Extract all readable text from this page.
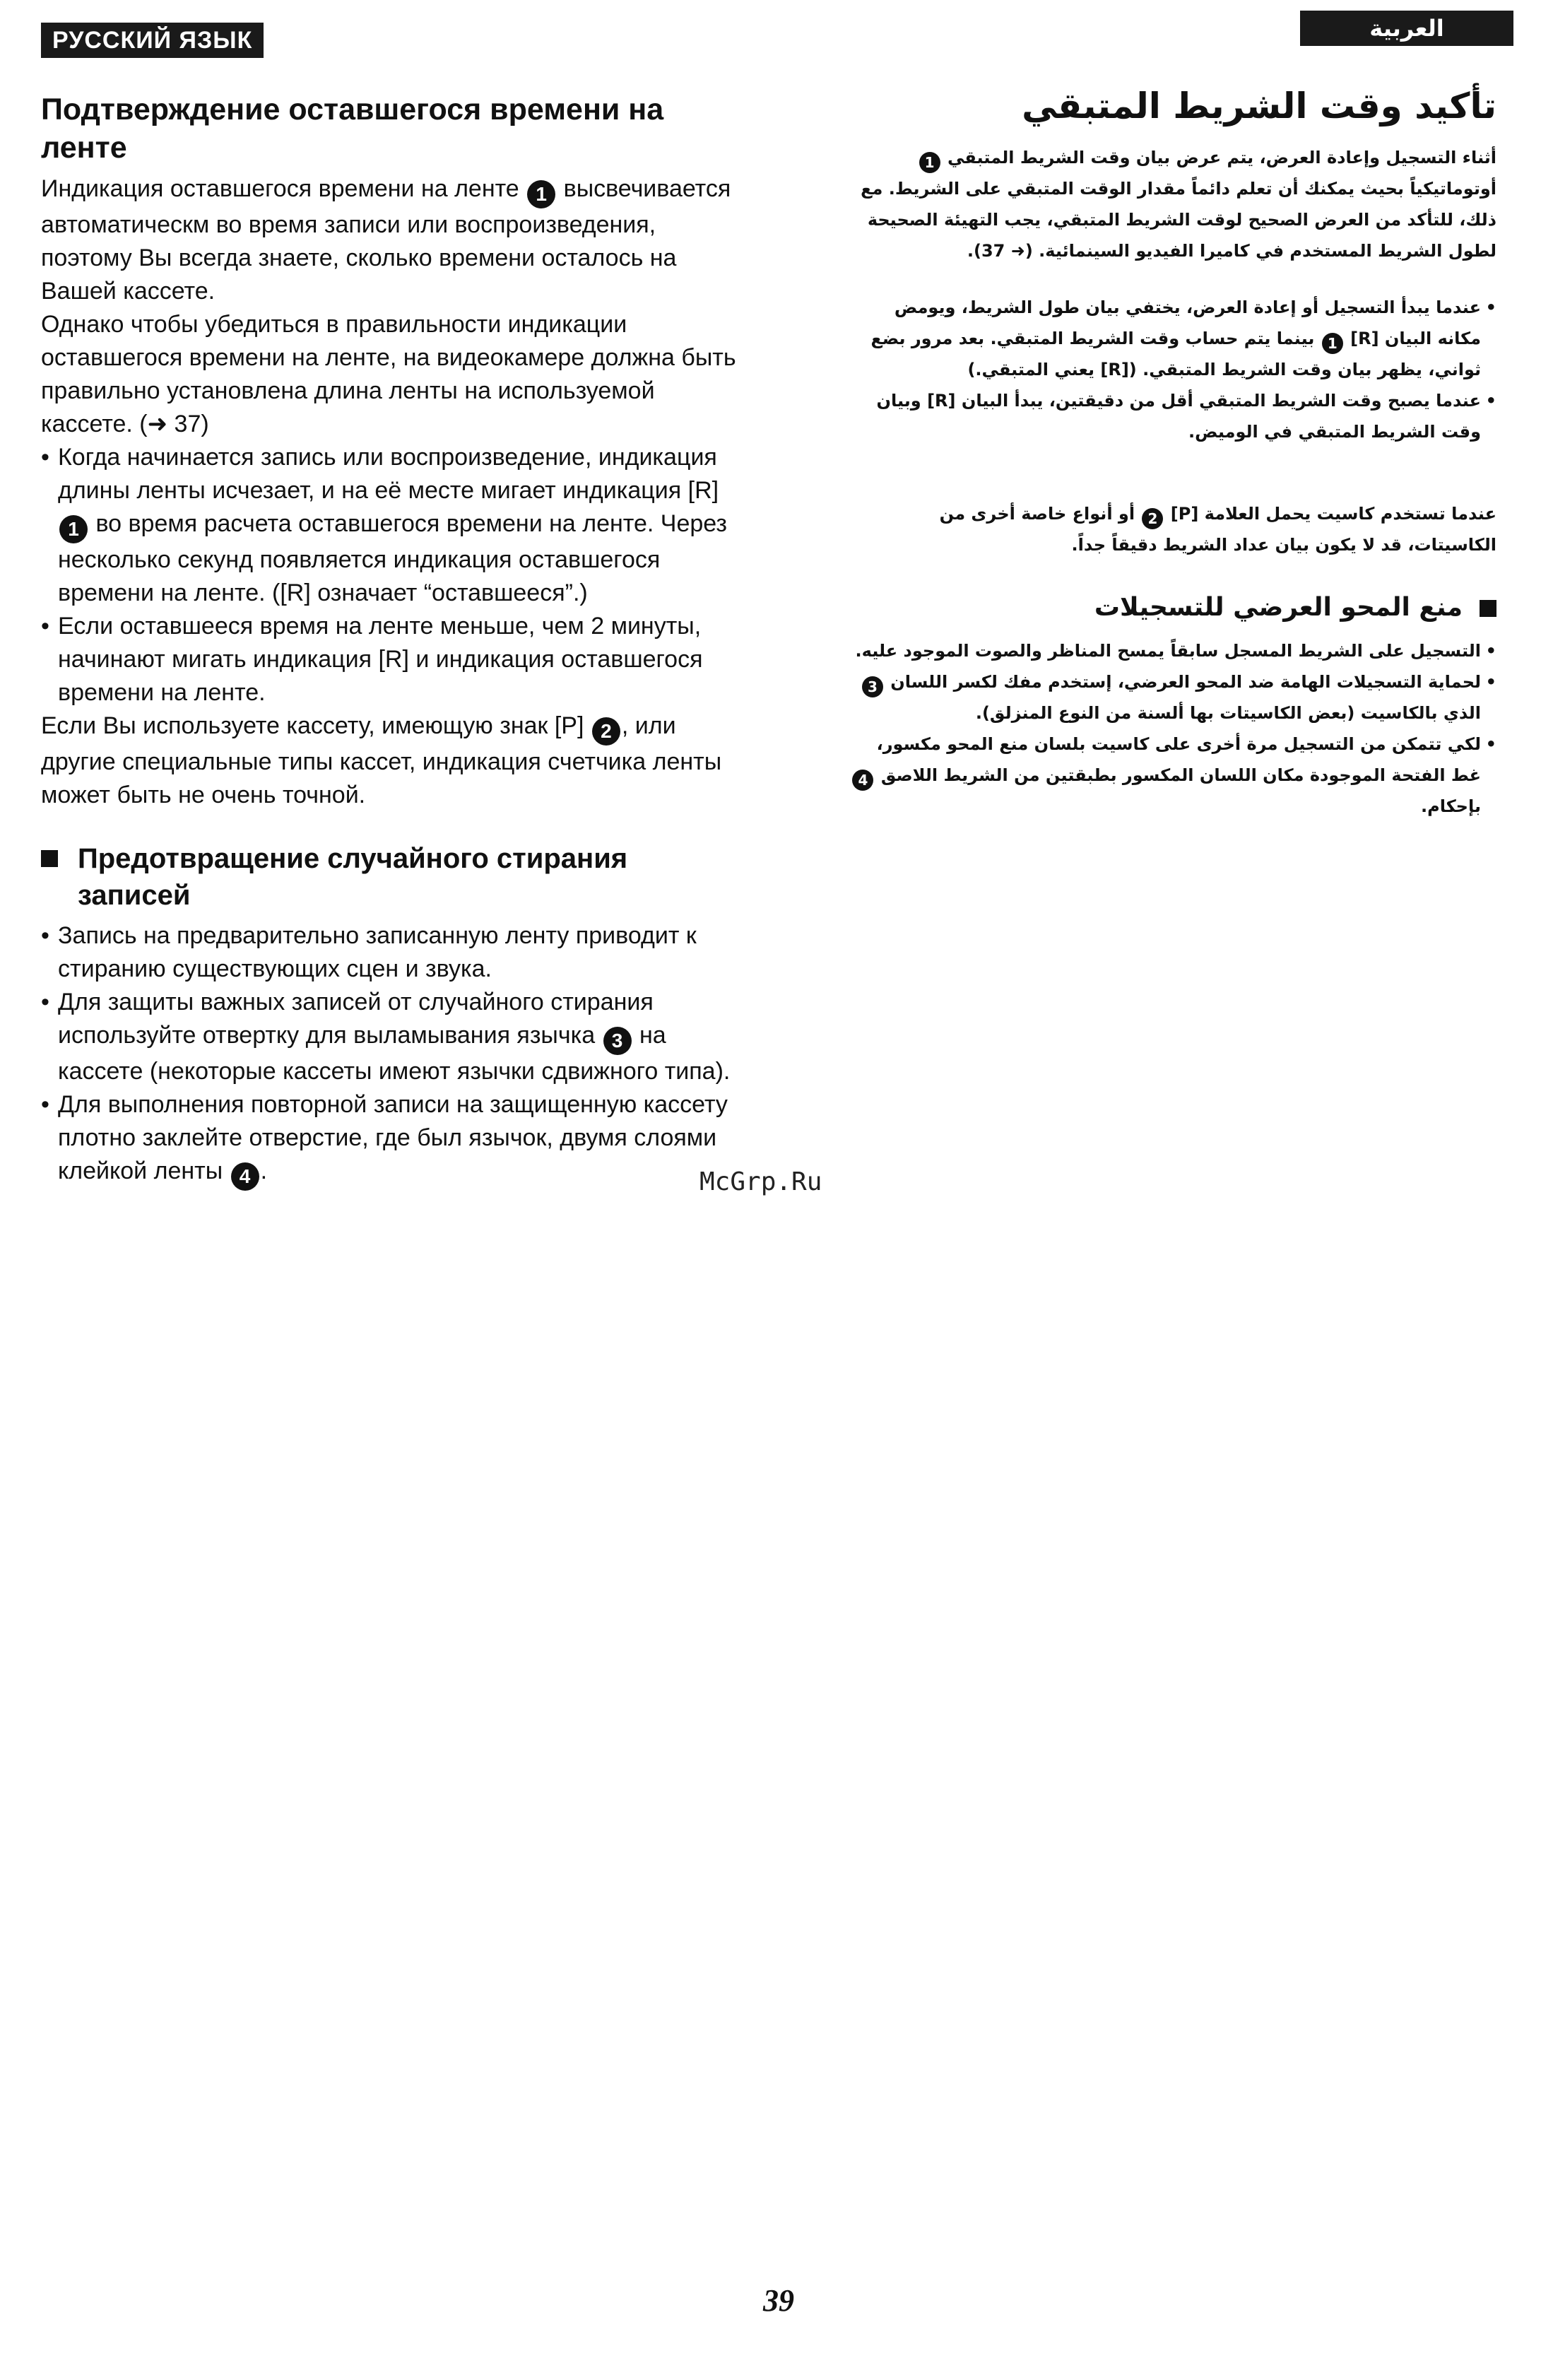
РУССКИЙ ЯЗЫК	العربية
Подтверждение оставшегося времени на ленте

Индикация оставшегося времени на ленте 1 высвечивается автоматическм во время записи или воспроизведения, поэтому Вы всегда знаете, сколько времени осталось на Вашей кассете.

Однако чтобы убедиться в правильности индикации оставшегося времени на ленте, на видеокамере должна быть правильно установлена длина ленты на используемой кассете. (➜ 37)

• Когда начинается запись или воспроизведение, индикация длины ленты исчезает, и на её месте мигает индикация [R] 1 во время расчета оставшегося времени на ленте. Через несколько секунд появляется индикация оставшегося времени на ленте. ([R] означает “оставшееся”.)
• Если оставшееся время на ленте меньше, чем 2 минуты, начинают мигать индикация [R] и индикация оставшегося времени на ленте.

Если Вы используете кассету, имеющую знак [P] 2 , или другие специальные типы кассет, индикация счетчика ленты может быть не очень точной.

Предотвращение случайного стирания записей
• Запись на предварительно записанную ленту приводит к стиранию существующих сцен и звука.
• Для защиты важных записей от случайного стирания используйте отвертку для выламывания язычка 3 на кассете (некоторые кассеты имеют язычки сдвижного типа).
• Для выполнения повторной записи на защищенную кассету плотно заклейте отверстие, где был язычок, двумя слоями клейкой ленты 4 .
تأكيد وقت الشريط المتبقي

أثناء التسجيل وإعادة العرض، يتم عرض بيان وقت الشريط المتبقي 1 أوتوماتيكياً بحيث يمكنك أن تعلم دائماً مقدار الوقت المتبقي على الشريط. مع ذلك، للتأكد من العرض الصحيح لوقت الشريط المتبقي، يجب التهيئة الصحيحة لطول الشريط المستخدم في كاميرا الفيديو السينمائية. (➜ 37).

• عندما يبدأ التسجيل أو إعادة العرض، يختفي بيان طول الشريط، ويومض مكانه البيان [R] 1 بينما يتم حساب وقت الشريط المتبقي. بعد مرور بضع ثواني، يظهر بيان وقت الشريط المتبقي. ([R] يعني المتبقي.)
• عندما يصبح وقت الشريط المتبقي أقل من دقيقتين، يبدأ البيان [R] وبيان وقت الشريط المتبقي في الوميض.

عندما تستخدم كاسيت يحمل العلامة [P] 2 أو أنواع خاصة أخرى من الكاسيتات، قد لا يكون بيان عداد الشريط دقيقاً جداً.

منع المحو العرضي للتسجيلات
• التسجيل على الشريط المسجل سابقاً يمسح المناظر والصوت الموجود عليه.
• لحماية التسجيلات الهامة ضد المحو العرضي، إستخدم مفك لكسر اللسان 3 الذي بالكاسيت (بعض الكاسيتات بها ألسنة من النوع المنزلق).
• لكي تتمكن من التسجيل مرة أخرى على كاسيت بلسان منع المحو مكسور، غط الفتحة الموجودة مكان اللسان المكسور بطبقتين من الشريط اللاصق 4 بإحكام.
McGrp.Ru
39
